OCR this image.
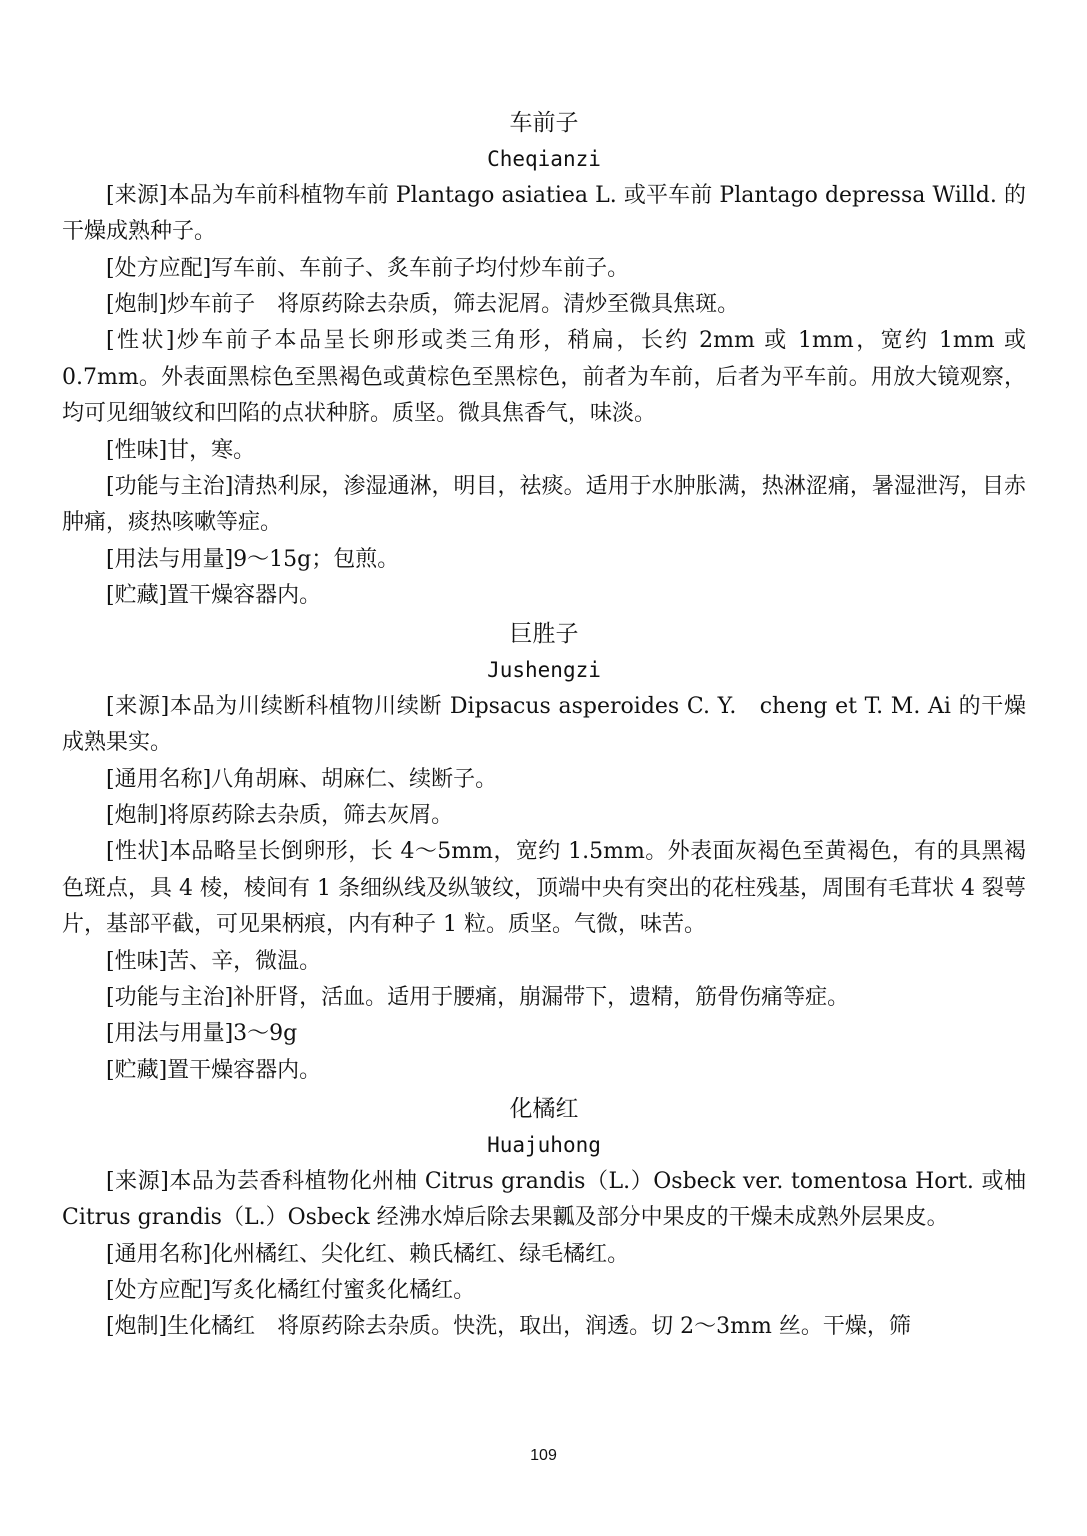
车前子
Cheqianzi

[来源]本品为车前科植物车前 Plantago asiatiea L. 或平车前 Plantago depressa Willd. 的干燥成熟种子。

[处方应配]写车前、车前子、炙车前子均付炒车前子。

[炮制]炒车前子　将原药除去杂质，筛去泥屑。清炒至微具焦斑。

[性状]炒车前子本品呈长卵形或类三角形，稍扁，长约 2mm 或 1mm，宽约 1mm 或 0.7mm。外表面黑棕色至黑褐色或黄棕色至黑棕色，前者为车前，后者为平车前。用放大镜观察，均可见细皱纹和凹陷的点状种脐。质坚。微具焦香气，味淡。

[性味]甘，寒。

[功能与主治]清热利尿，渗湿通淋，明目，祛痰。适用于水肿胀满，热淋涩痛，暑湿泄泻，目赤肿痛，痰热咳嗽等症。

[用法与用量]9～15g；包煎。

[贮藏]置干燥容器内。

巨胜子
Jushengzi

[来源]本品为川续断科植物川续断 Dipsacus asperoides C. Y.　cheng et T. M. Ai 的干燥成熟果实。

[通用名称]八角胡麻、胡麻仁、续断子。

[炮制]将原药除去杂质，筛去灰屑。

[性状]本品略呈长倒卵形，长 4～5mm，宽约 1.5mm。外表面灰褐色至黄褐色，有的具黑褐色斑点，具 4 棱，棱间有 1 条细纵线及纵皱纹，顶端中央有突出的花柱残基，周围有毛茸状 4 裂萼片，基部平截，可见果柄痕，内有种子 1 粒。质坚。气微，味苦。

[性味]苦、辛，微温。

[功能与主治]补肝肾，活血。适用于腰痛，崩漏带下，遗精，筋骨伤痛等症。

[用法与用量]3～9g

[贮藏]置干燥容器内。

化橘红
Huajuhong

[来源]本品为芸香科植物化州柚 Citrus grandis（L.）Osbeck ver. tomentosa Hort. 或柚 Citrus grandis（L.）Osbeck 经沸水焯后除去果瓤及部分中果皮的干燥未成熟外层果皮。

[通用名称]化州橘红、尖化红、赖氏橘红、绿毛橘红。

[处方应配]写炙化橘红付蜜炙化橘红。

[炮制]生化橘红　将原药除去杂质。快洗，取出，润透。切 2～3mm 丝。干燥，筛

109
